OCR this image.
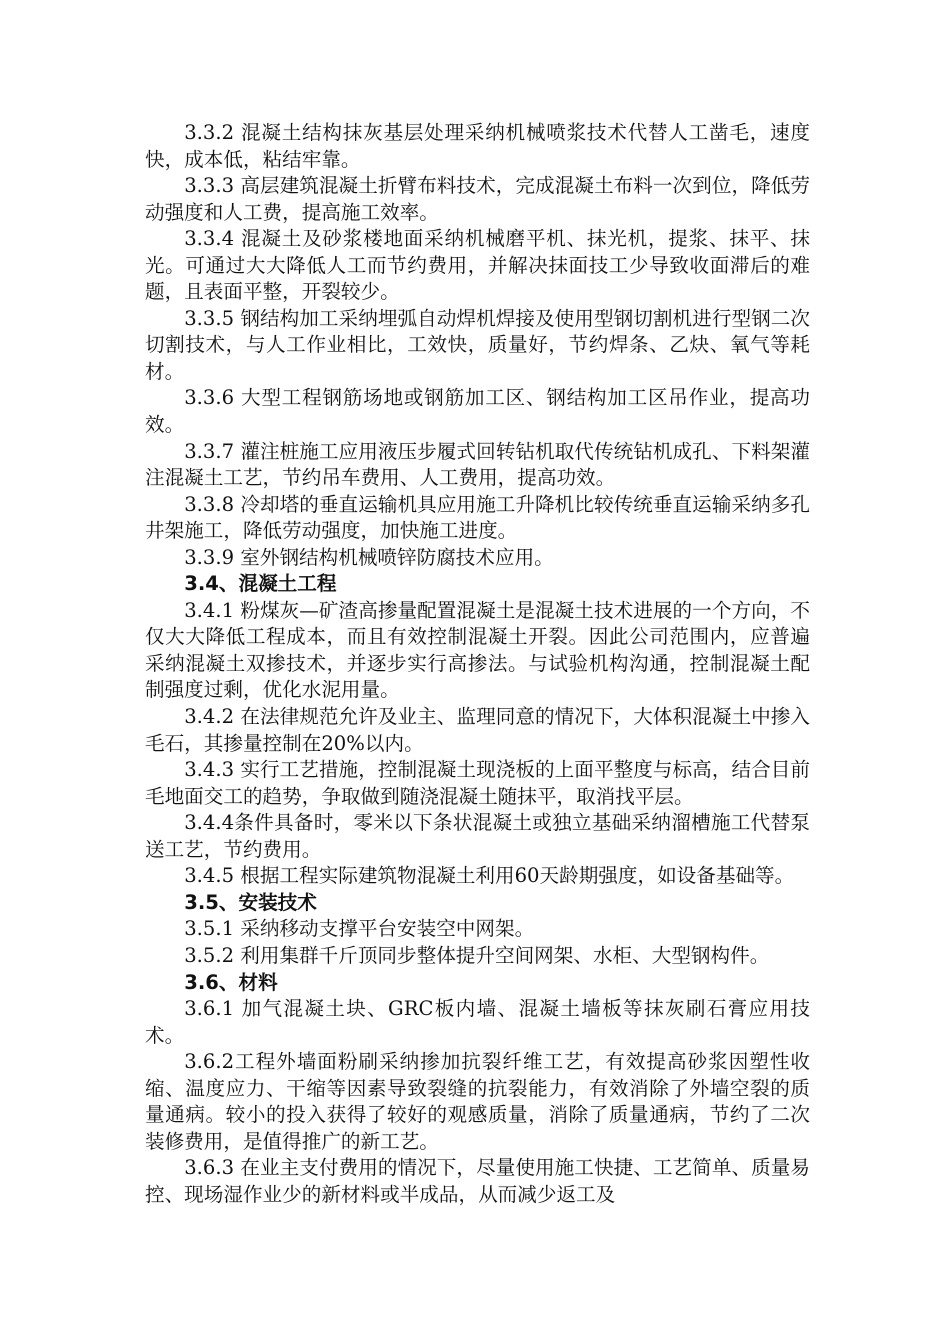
3.3.2 混凝土结构抹灰基层处理采纳机械喷浆技术代替人工凿毛，速度快，成本低，粘结牢靠。

3.3.3 高层建筑混凝土折臂布料技术，完成混凝土布料一次到位，降低劳动强度和人工费，提高施工效率。

3.3.4 混凝土及砂浆楼地面采纳机械磨平机、抹光机，提浆、抹平、抹光。可通过大大降低人工而节约费用，并解决抹面技工少导致收面滞后的难题，且表面平整，开裂较少。

3.3.5 钢结构加工采纳埋弧自动焊机焊接及使用型钢切割机进行型钢二次切割技术，与人工作业相比，工效快，质量好，节约焊条、乙炔、氧气等耗材。

3.3.6 大型工程钢筋场地或钢筋加工区、钢结构加工区吊作业，提高功效。

3.3.7 灌注桩施工应用液压步履式回转钻机取代传统钻机成孔、下料架灌注混凝土工艺，节约吊车费用、人工费用，提高功效。

3.3.8 冷却塔的垂直运输机具应用施工升降机比较传统垂直运输采纳多孔井架施工，降低劳动强度，加快施工进度。

3.3.9 室外钢结构机械喷锌防腐技术应用。

3.4、混凝土工程

3.4.1 粉煤灰—矿渣高掺量配置混凝土是混凝土技术进展的一个方向，不仅大大降低工程成本，而且有效控制混凝土开裂。因此公司范围内，应普遍采纳混凝土双掺技术，并逐步实行高掺法。与试验机构沟通，控制混凝土配制强度过剩，优化水泥用量。

3.4.2 在法律规范允许及业主、监理同意的情况下，大体积混凝土中掺入毛石，其掺量控制在20%以内。

3.4.3 实行工艺措施，控制混凝土现浇板的上面平整度与标高，结合目前毛地面交工的趋势，争取做到随浇混凝土随抹平，取消找平层。

3.4.4条件具备时，零米以下条状混凝土或独立基础采纳溜槽施工代替泵送工艺，节约费用。

3.4.5 根据工程实际建筑物混凝土利用60天龄期强度，如设备基础等。

3.5、安装技术

3.5.1 采纳移动支撑平台安装空中网架。

3.5.2 利用集群千斤顶同步整体提升空间网架、水柜、大型钢构件。

3.6、材料

3.6.1 加气混凝土块、GRC板内墙、混凝土墙板等抹灰刷石膏应用技术。

3.6.2工程外墙面粉刷采纳掺加抗裂纤维工艺，有效提高砂浆因塑性收缩、温度应力、干缩等因素导致裂缝的抗裂能力，有效消除了外墙空裂的质量通病。较小的投入获得了较好的观感质量，消除了质量通病，节约了二次装修费用，是值得推广的新工艺。

3.6.3 在业主支付费用的情况下，尽量使用施工快捷、工艺简单、质量易控、现场湿作业少的新材料或半成品，从而减少返工及
